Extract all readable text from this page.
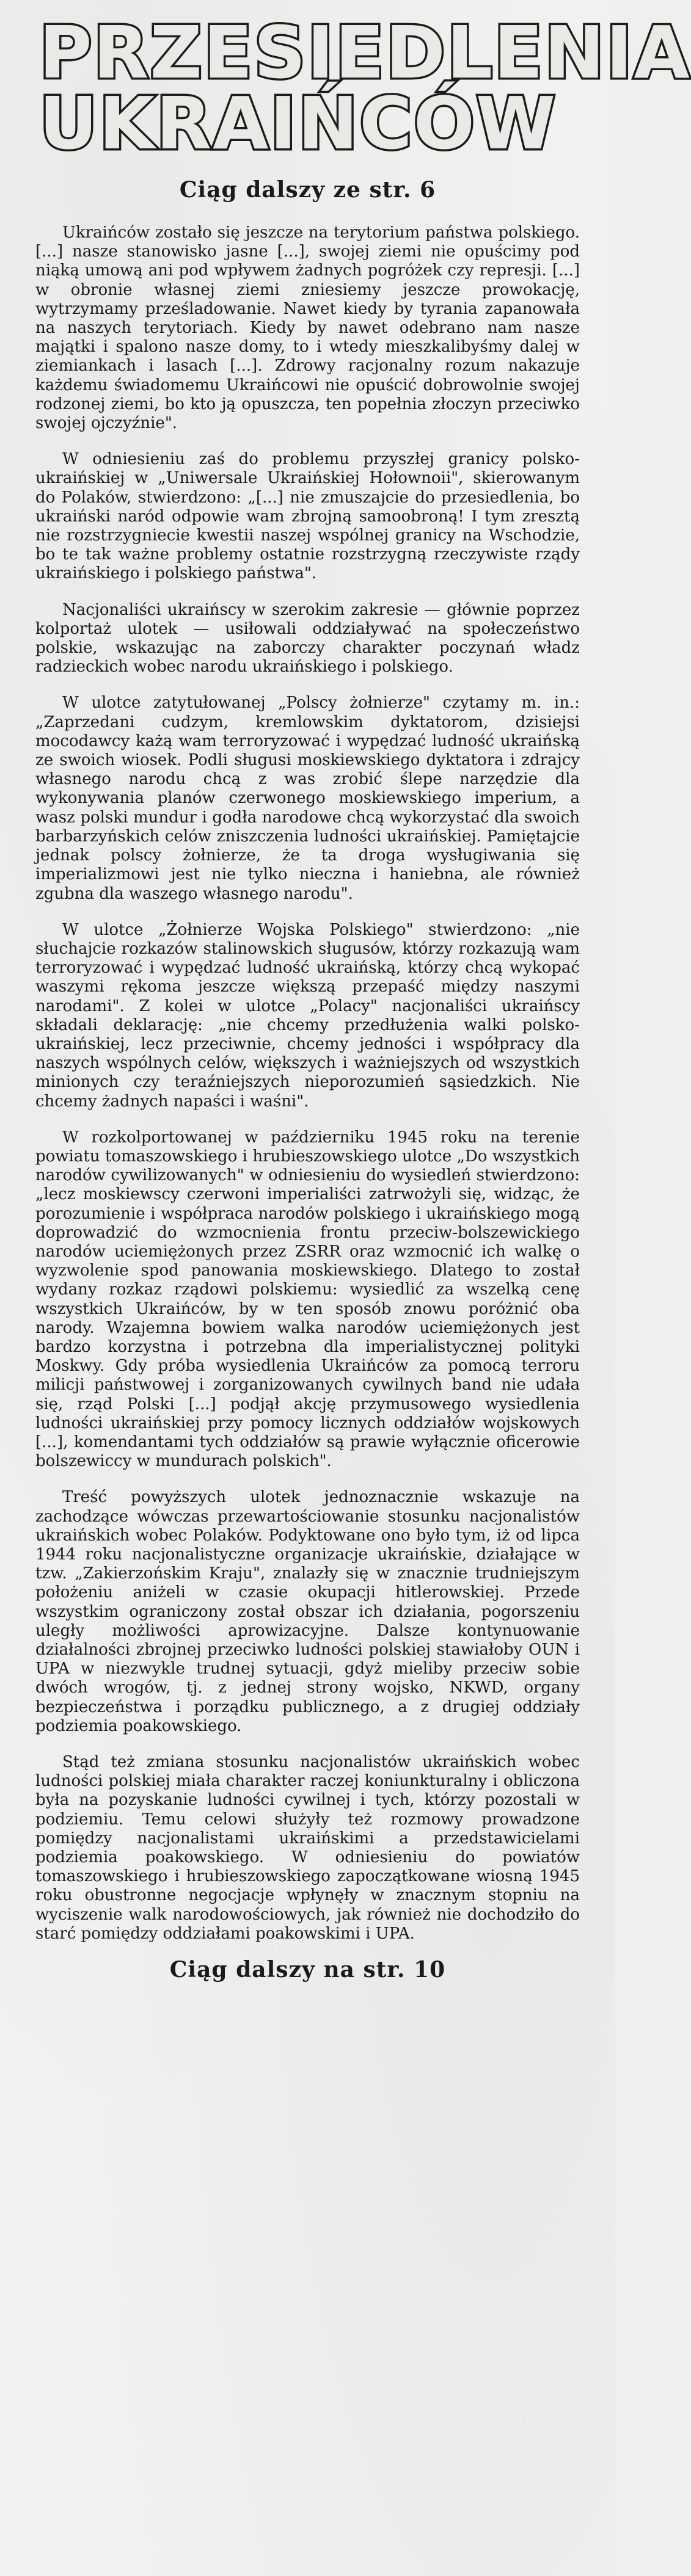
PRZESIEDLENIA
UKRAIŃCÓW
Ciąg dalszy ze str. 6

Ukraińców zostało się jeszcze na terytorium państwa polskiego. [...] nasze stanowisko jasne [...], swojej ziemi nie opuścimy pod niąką umową ani pod wpływem żadnych pogróżek czy represji. [...] w obronie własnej ziemi zniesiemy jeszcze prowokację, wytrzymamy prześladowanie. Nawet kiedy by tyrania zapanowała na naszych terytoriach. Kiedy by nawet odebrano nam nasze majątki i spalono nasze domy, to i wtedy mieszkalibyśmy dalej w ziemiankach i lasach [...]. Zdrowy racjonalny rozum nakazuje każdemu świadomemu Ukraińcowi nie opuścić dobrowolnie swojej rodzonej ziemi, bo kto ją opuszcza, ten popełnia złoczyn przeciwko swojej ojczyźnie".

W odniesieniu zaś do problemu przyszłej granicy polsko-ukraińskiej w „Uniwersale Ukraińskiej Hołownoii", skierowanym do Polaków, stwierdzono: „[...] nie zmuszajcie do przesiedlenia, bo ukraiński naród odpowie wam zbrojną samoobroną! I tym zresztą nie rozstrzygniecie kwestii naszej wspólnej granicy na Wschodzie, bo te tak ważne problemy ostatnie rozstrzygną rzeczywiste rządy ukraińskiego i polskiego państwa".

Nacjonaliści ukraińscy w szerokim zakresie — głównie poprzez kolportaż ulotek — usiłowali oddziaływać na społeczeństwo polskie, wskazując na zaborczy charakter poczynań władz radzieckich wobec narodu ukraińskiego i polskiego.

W ulotce zatytułowanej „Polscy żołnierze" czytamy m. in.: „Zaprzedani cudzym, kremlowskim dyktatorom, dzisiejsi mocodawcy każą wam terroryzować i wypędzać ludność ukraińską ze swoich wiosek. Podli sługusi moskiewskiego dyktatora i zdrajcy własnego narodu chcą z was zrobić ślepe narzędzie dla wykonywania planów czerwonego moskiewskiego imperium, a wasz polski mundur i godła narodowe chcą wykorzystać dla swoich barbarzyńskich celów zniszczenia ludności ukraińskiej. Pamiętajcie jednak polscy żołnierze, że ta droga wysługiwania się imperializmowi jest nie tylko nieczna i haniebna, ale również zgubna dla waszego własnego narodu".

W ulotce „Żołnierze Wojska Polskiego" stwierdzono: „nie słuchajcie rozkazów stalinowskich sługusów, którzy rozkazują wam terroryzować i wypędzać ludność ukraińską, którzy chcą wykopać waszymi rękoma jeszcze większą przepaść między naszymi narodami". Z kolei w ulotce „Polacy" nacjonaliści ukraińscy składali deklarację: „nie chcemy przedłużenia walki polsko-ukraińskiej, lecz przeciwnie, chcemy jedności i współpracy dla naszych wspólnych celów, większych i ważniejszych od wszystkich minionych czy teraźniejszych nieporozumień sąsiedzkich. Nie chcemy żadnych napaści i waśni".

W rozkolportowanej w październiku 1945 roku na terenie powiatu tomaszowskiego i hrubieszowskiego ulotce „Do wszystkich narodów cywilizowanych" w odniesieniu do wysiedleń stwierdzono: „lecz moskiewscy czerwoni imperialiści zatrwożyli się, widząc, że porozumienie i współpraca narodów polskiego i ukraińskiego mogą doprowadzić do wzmocnienia frontu przeciw-bolszewickiego narodów uciemiężonych przez ZSRR oraz wzmocnić ich walkę o wyzwolenie spod panowania moskiewskiego. Dlatego to został wydany rozkaz rządowi polskiemu: wysiedlić za wszelką cenę wszystkich Ukraińców, by w ten sposób znowu poróżnić oba narody. Wzajemna bowiem walka narodów uciemiężonych jest bardzo korzystna i potrzebna dla imperialistycznej polityki Moskwy. Gdy próba wysiedlenia Ukraińców za pomocą terroru milicji państwowej i zorganizowanych cywilnych band nie udała się, rząd Polski [...] podjął akcję przymusowego wysiedlenia ludności ukraińskiej przy pomocy licznych oddziałów wojskowych [...], komendantami tych oddziałów są prawie wyłącznie oficerowie bolszewiccy w mundurach polskich".

Treść powyższych ulotek jednoznacznie wskazuje na zachodzące wówczas przewartościowanie stosunku nacjonalistów ukraińskich wobec Polaków. Podyktowane ono było tym, iż od lipca 1944 roku nacjonalistyczne organizacje ukraińskie, działające w tzw. „Zakierzońskim Kraju", znalazły się w znacznie trudniejszym położeniu aniżeli w czasie okupacji hitlerowskiej. Przede wszystkim ograniczony został obszar ich działania, pogorszeniu uległy możliwości aprowizacyjne. Dalsze kontynuowanie działalności zbrojnej przeciwko ludności polskiej stawiałoby OUN i UPA w niezwykle trudnej sytuacji, gdyż mieliby przeciw sobie dwóch wrogów, tj. z jednej strony wojsko, NKWD, organy bezpieczeństwa i porządku publicznego, a z drugiej oddziały podziemia poakowskiego.

Stąd też zmiana stosunku nacjonalistów ukraińskich wobec ludności polskiej miała charakter raczej koniunkturalny i obliczona była na pozyskanie ludności cywilnej i tych, którzy pozostali w podziemiu. Temu celowi służyły też rozmowy prowadzone pomiędzy nacjonalistami ukraińskimi a przedstawicielami podziemia poakowskiego. W odniesieniu do powiatów tomaszowskiego i hrubieszowskiego zapoczątkowane wiosną 1945 roku obustronne negocjacje wpłynęły w znacznym stopniu na wyciszenie walk narodowościowych, jak również nie dochodziło do starć pomiędzy oddziałami poakowskimi i UPA.

Ciąg dalszy na str. 10
